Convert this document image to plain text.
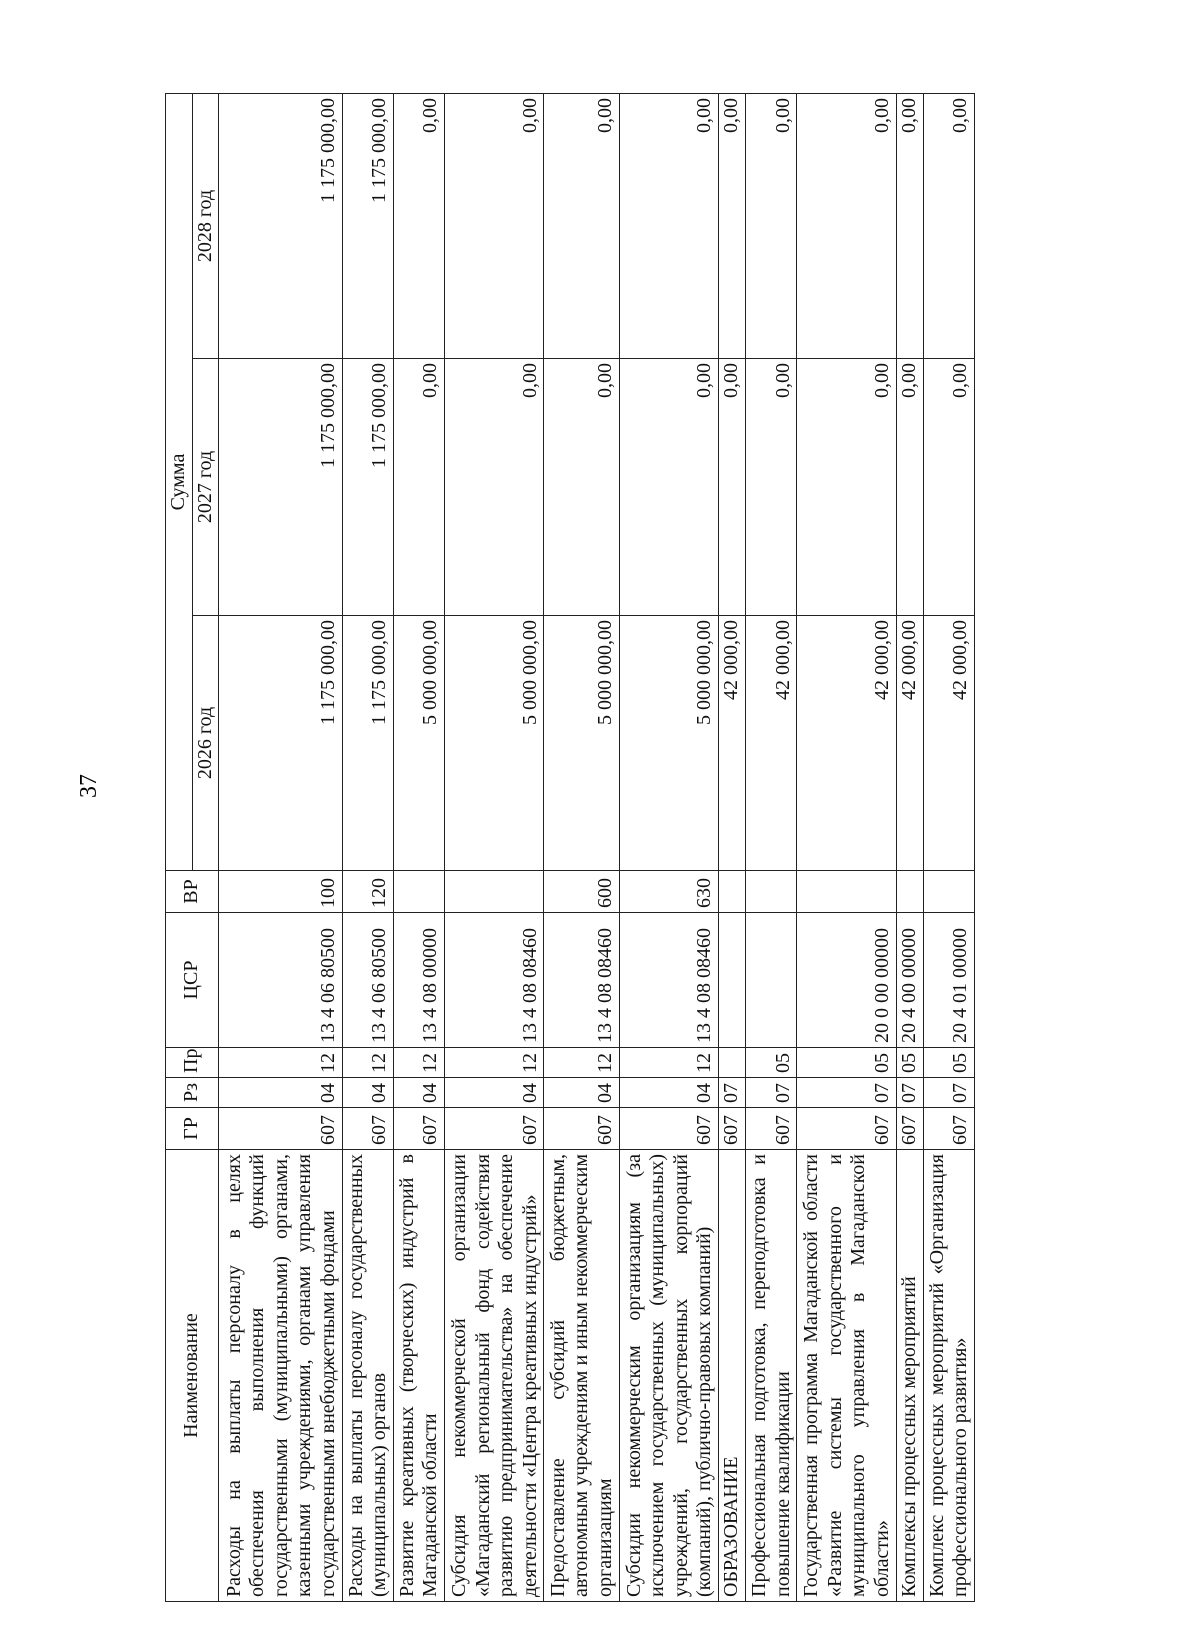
37
Наименование	ГР	Рз	Пр	ЦСР	ВР	Сумма		
						2026 год	2027 год	2028 год
Расходы на выплаты персоналу в целях обеспечения выполнения функций государственными (муниципальными) органами, казенными учреждениями, органами управления государственными внебюджетными фондами	607	04	12	13 4 06 80500	100	1 175 000,00	1 175 000,00	1 175 000,00
Расходы на выплаты персоналу государственных (муниципальных) органов	607	04	12	13 4 06 80500	120	1 175 000,00	1 175 000,00	1 175 000,00
Развитие креативных (творческих) индустрий в Магаданской области	607	04	12	13 4 08 00000		5 000 000,00	0,00	0,00
Субсидия некоммерческой организации «Магаданский региональный фонд содействия развитию предпринимательства» на обеспечение деятельности «Центра креативных индустрий»	607	04	12	13 4 08 08460		5 000 000,00	0,00	0,00
Предоставление субсидий бюджетным, автономным учреждениям и иным некоммерческим организациям	607	04	12	13 4 08 08460	600	5 000 000,00	0,00	0,00
Субсидии некоммерческим организациям (за исключением государственных (муниципальных) учреждений, государственных корпораций (компаний), публично-правовых компаний)	607	04	12	13 4 08 08460	630	5 000 000,00	0,00	0,00
ОБРАЗОВАНИЕ	607	07				42 000,00	0,00	0,00
Профессиональная подготовка, переподготовка и повышение квалификации	607	07	05			42 000,00	0,00	0,00
Государственная программа Магаданской области «Развитие системы государственного и муниципального управления в Магаданской области»	607	07	05	20 0 00 00000		42 000,00	0,00	0,00
Комплексы процессных мероприятий	607	07	05	20 4 00 00000		42 000,00	0,00	0,00
Комплекс процессных мероприятий «Организация профессионального развития»	607	07	05	20 4 01 00000		42 000,00	0,00	0,00
